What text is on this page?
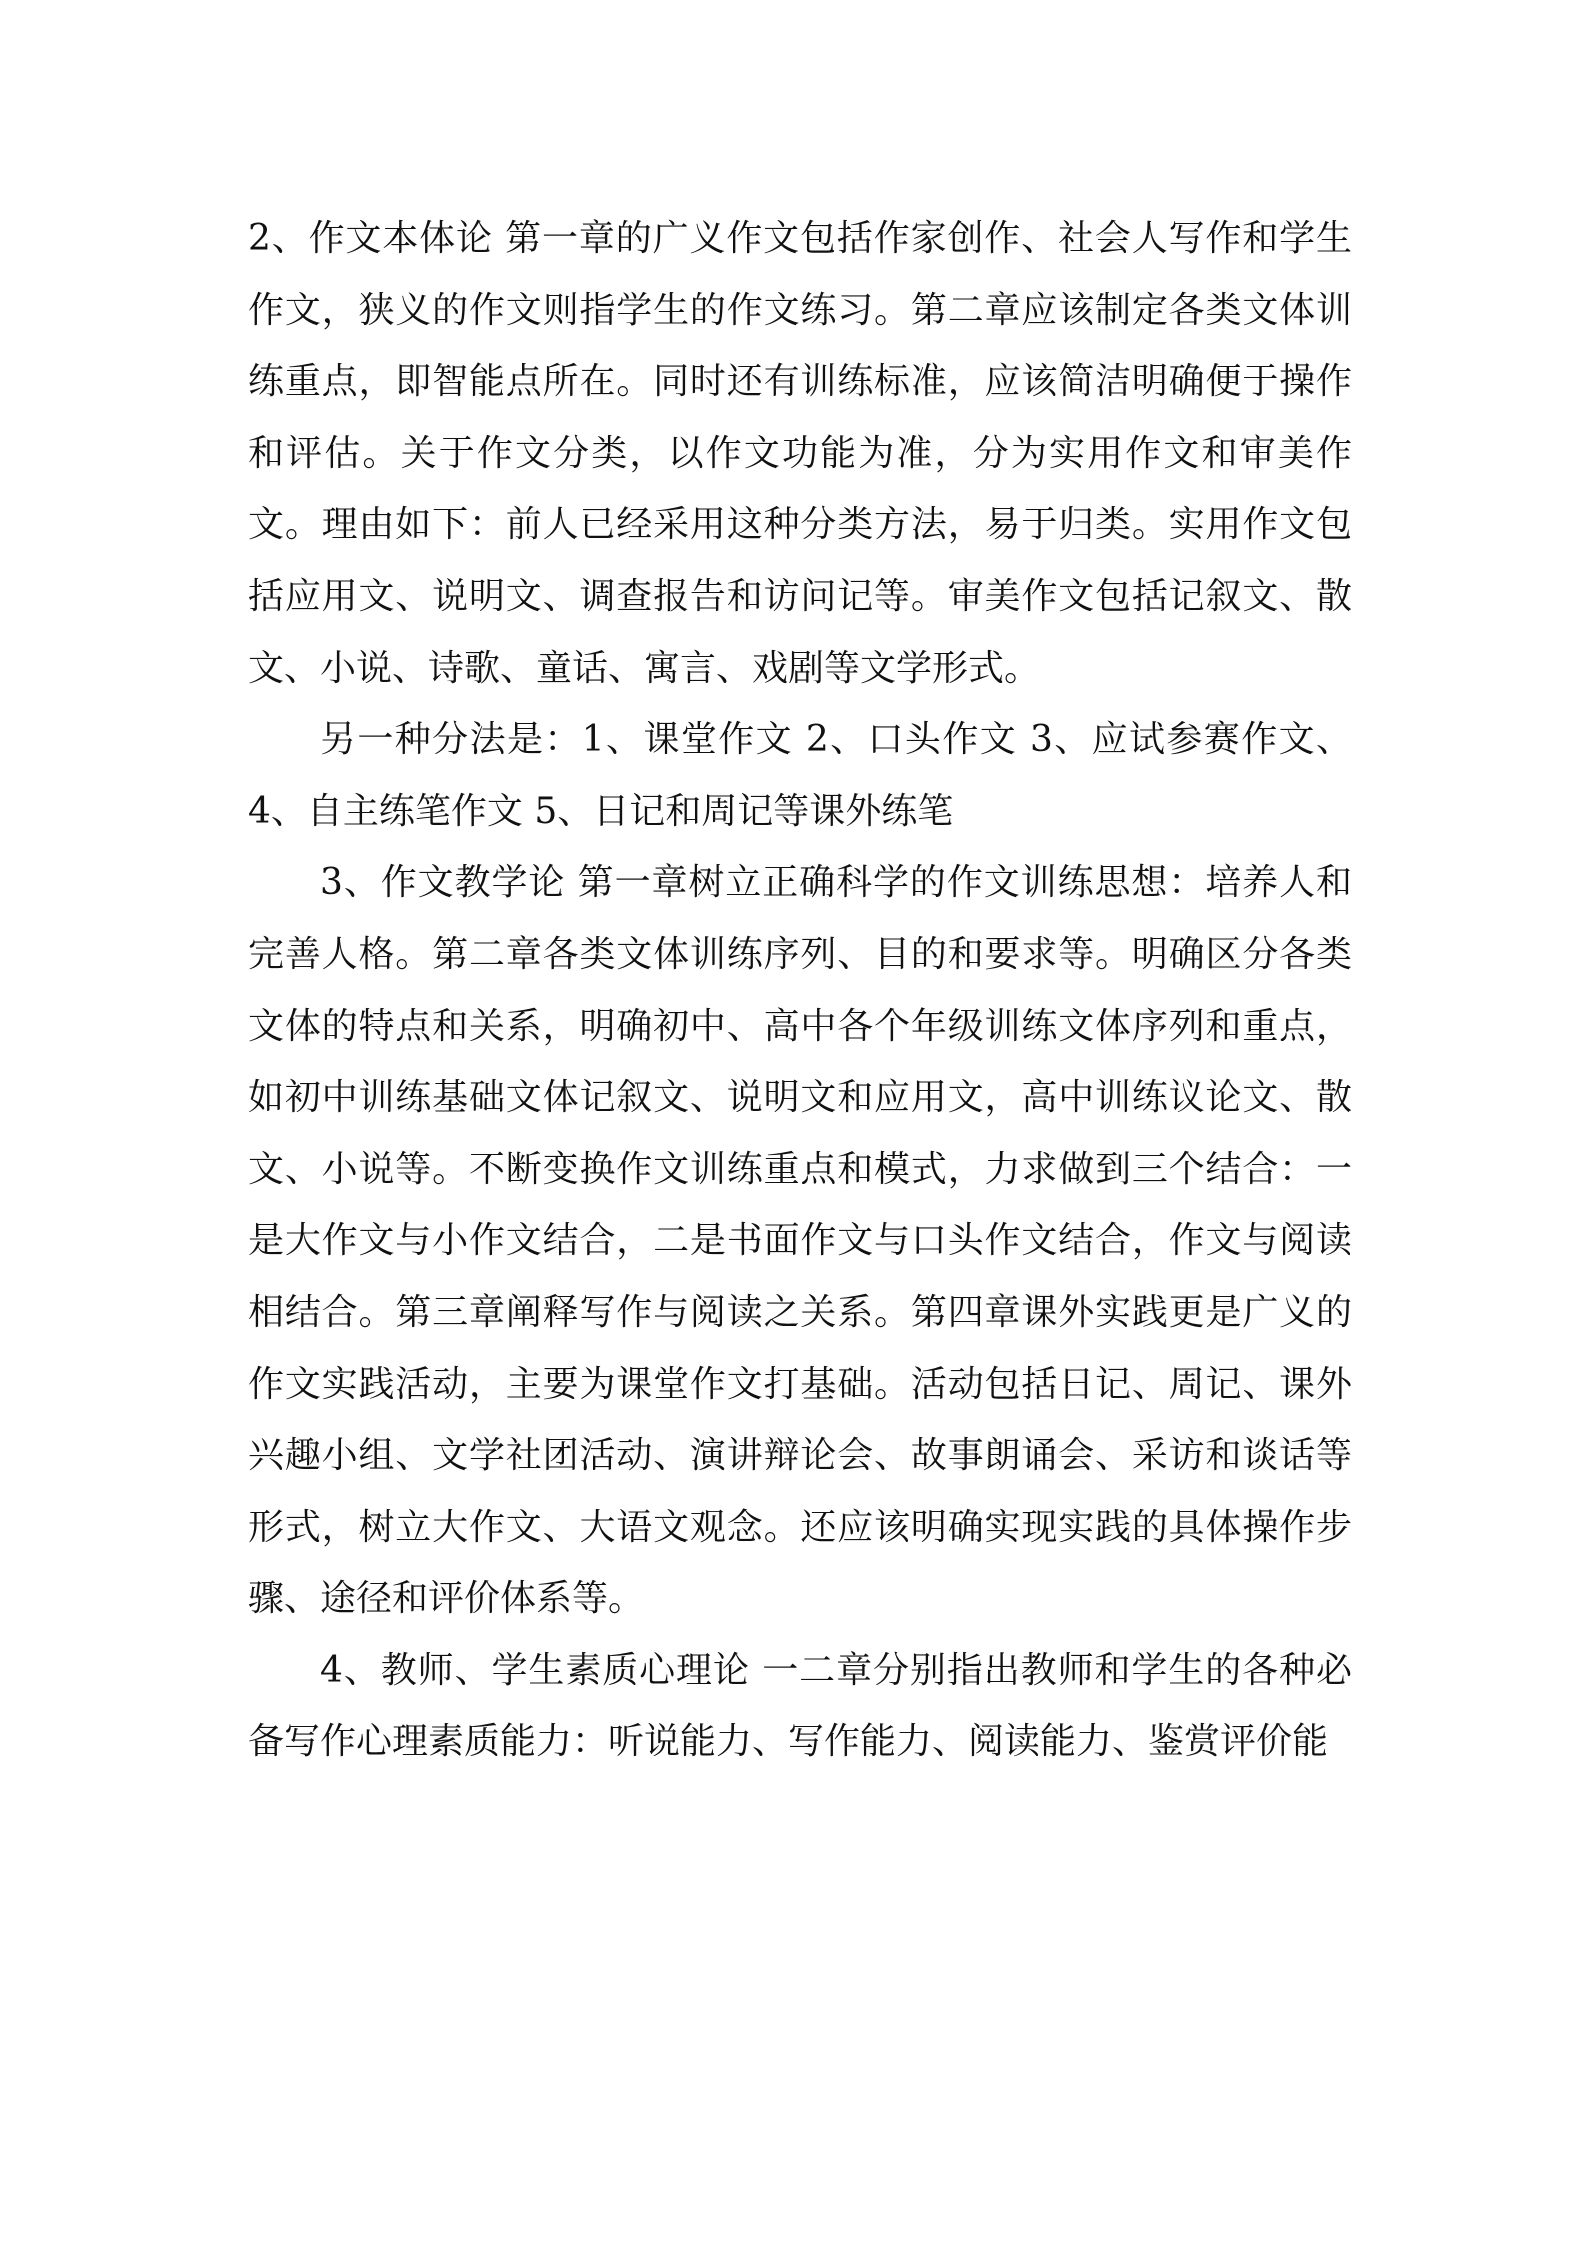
2、作文本体论 第一章的广义作文包括作家创作、社会人写作和学生作文，狭义的作文则指学生的作文练习。第二章应该制定各类文体训练重点，即智能点所在。同时还有训练标准，应该简洁明确便于操作和评估。关于作文分类，以作文功能为准，分为实用作文和审美作文。理由如下：前人已经采用这种分类方法，易于归类。实用作文包括应用文、说明文、调查报告和访问记等。审美作文包括记叙文、散文、小说、诗歌、童话、寓言、戏剧等文学形式。

另一种分法是：1、课堂作文 2、口头作文 3、应试参赛作文、4、自主练笔作文 5、日记和周记等课外练笔

3、作文教学论 第一章树立正确科学的作文训练思想：培养人和完善人格。第二章各类文体训练序列、目的和要求等。明确区分各类文体的特点和关系，明确初中、高中各个年级训练文体序列和重点，如初中训练基础文体记叙文、说明文和应用文，高中训练议论文、散文、小说等。不断变换作文训练重点和模式，力求做到三个结合：一是大作文与小作文结合，二是书面作文与口头作文结合，作文与阅读相结合。第三章阐释写作与阅读之关系。第四章课外实践更是广义的作文实践活动，主要为课堂作文打基础。活动包括日记、周记、课外兴趣小组、文学社团活动、演讲辩论会、故事朗诵会、采访和谈话等形式，树立大作文、大语文观念。还应该明确实现实践的具体操作步骤、途径和评价体系等。

4、教师、学生素质心理论 一二章分别指出教师和学生的各种必备写作心理素质能力：听说能力、写作能力、阅读能力、鉴赏评价能
